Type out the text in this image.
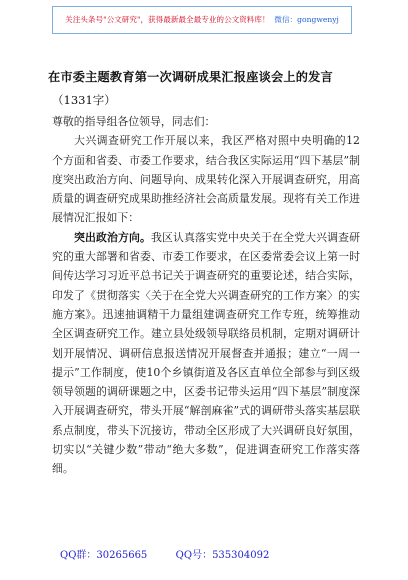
关注头条号"公文研究"，获得最新最全最专业的公文资料库！ 微信：gongwenyj
在市委主题教育第一次调研成果汇报座谈会上的发言
（1331字）

尊敬的指导组各位领导，同志们：

大兴调查研究工作开展以来，我区严格对照中央明确的12个方面和省委、市委工作要求，结合我区实际运用“四下基层”制度突出政治方向、问题导向、成果转化深入开展调查研究，用高质量的调查研究成果助推经济社会高质量发展。现将有关工作进展情况汇报如下：

突出政治方向。我区认真落实党中央关于在全党大兴调查研究的重大部署和省委、市委工作要求，在区委常委会议上第一时间传达学习习近平总书记关于调查研究的重要论述，结合实际，印发了《贯彻落实〈关于在全党大兴调查研究的工作方案〉的实施方案》。迅速抽调精干力量组建调查研究工作专班，统筹推动全区调查研究工作。建立县处级领导联络员机制，定期对调研计划开展情况、调研信息报送情况开展督查并通报；建立“一周一提示”工作制度，使10个乡镇街道及各区直单位全部参与到区级领导领题的调研课题之中，区委书记带头运用“四下基层”制度深入开展调查研究，带头开展“解剖麻雀”式的调研带头落实基层联系点制度，带头下沉接访，带动全区形成了大兴调研良好氛围，切实以“关键少数”带动“绝大多数”，促进调查研究工作落实落细。

QQ群：30265665	QQ号：535304092
